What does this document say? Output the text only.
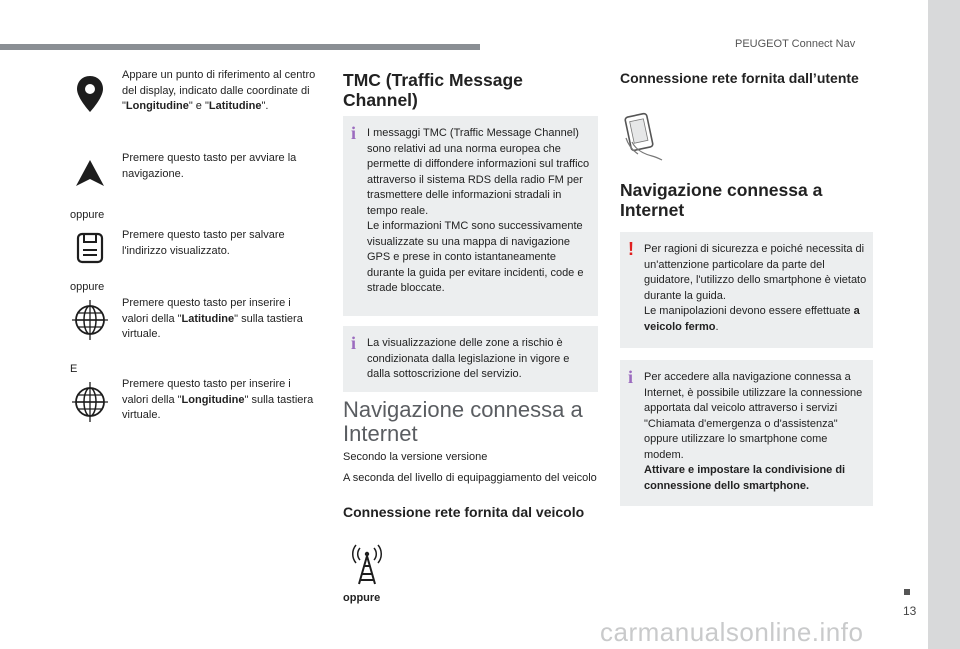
PEUGEOT Connect Nav
Appare un punto di riferimento al centro del display, indicato dalle coordinate di "Longitudine" e "Latitudine".
Premere questo tasto per avviare la navigazione.
oppure
Premere questo tasto per salvare l'indirizzo visualizzato.
oppure
Premere questo tasto per inserire i valori della "Latitudine" sulla tastiera virtuale.
E
Premere questo tasto per inserire i valori della "Longitudine" sulla tastiera virtuale.
TMC (Traffic Message Channel)
i I messaggi TMC (Traffic Message Channel) sono relativi ad una norma europea che permette di diffondere informazioni sul traffico attraverso il sistema RDS della radio FM per trasmettere delle informazioni stradali in tempo reale.
Le informazioni TMC sono successivamente visualizzate su una mappa di navigazione GPS e prese in conto istantaneamente durante la guida per evitare incidenti, code e strade bloccate.
i La visualizzazione delle zone a rischio è condizionata dalla legislazione in vigore e dalla sottoscrizione del servizio.
Navigazione connessa a Internet
Secondo la versione versione
A seconda del livello di equipaggiamento del veicolo
Connessione rete fornita dal veicolo
oppure
Connessione rete fornita dall’utente
Navigazione connessa a Internet
! Per ragioni di sicurezza e poiché necessita di un'attenzione particolare da parte del guidatore, l'utilizzo dello smartphone è vietato durante la guida.
Le manipolazioni devono essere effettuate a veicolo fermo.
i Per accedere alla navigazione connessa a Internet, è possibile utilizzare la connessione apportata dal veicolo attraverso i servizi "Chiamata d'emergenza o d'assistenza" oppure utilizzare lo smartphone come modem.
Attivare e impostare la condivisione di connessione dello smartphone.
13
carmanualsonline.info
